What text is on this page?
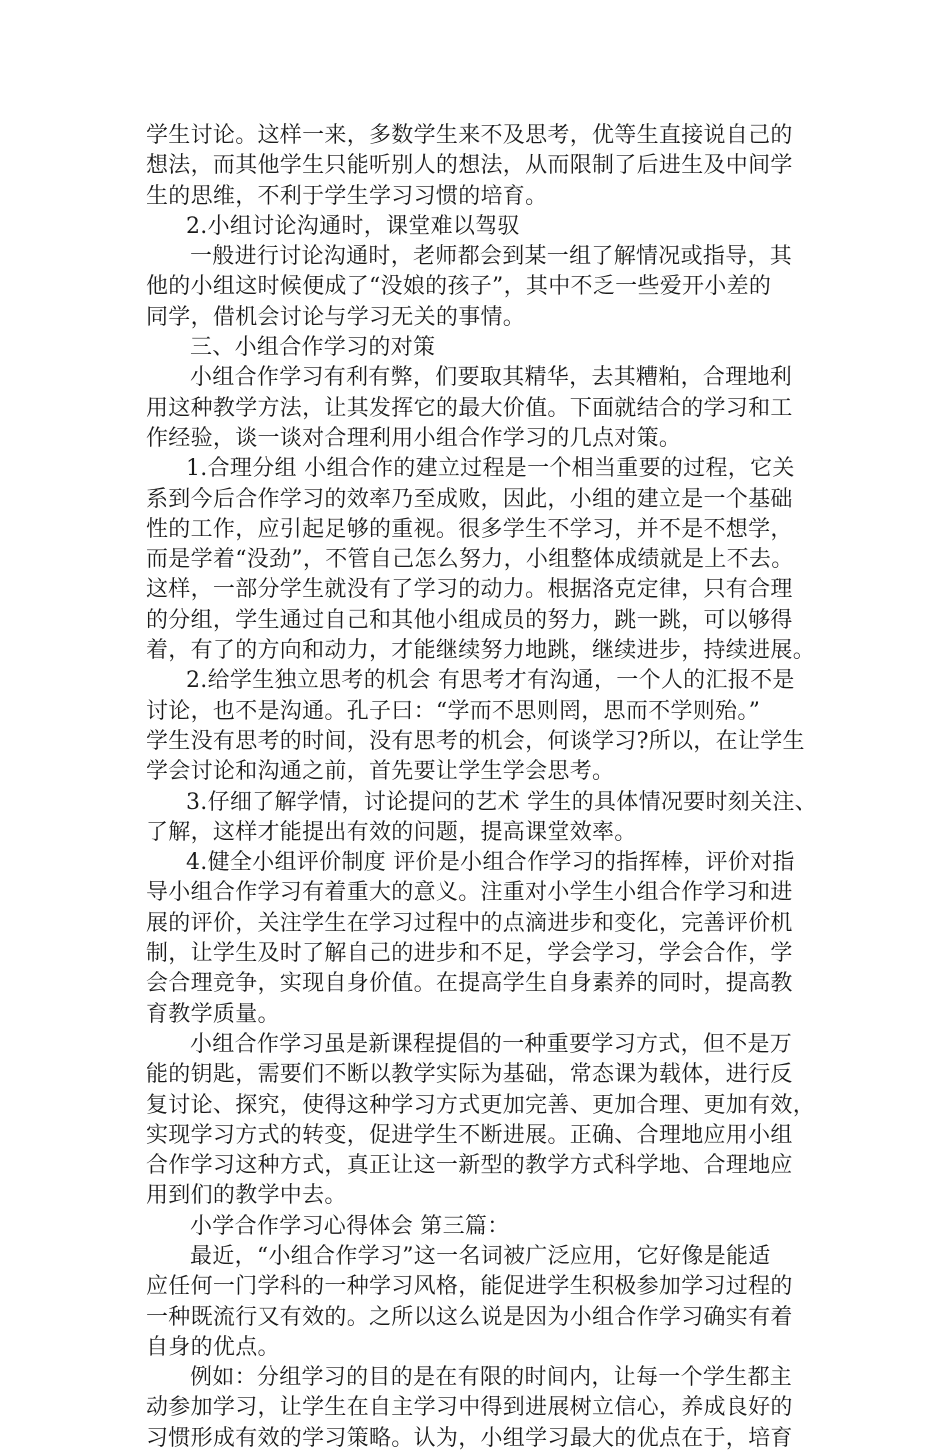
学生讨论。这样一来，多数学生来不及思考，优等生直接说自己的
想法，而其他学生只能听别人的想法，从而限制了后进生及中间学
生的思维，不利于学生学习习惯的培育。
2.小组讨论沟通时，课堂难以驾驭
一般进行讨论沟通时，老师都会到某一组了解情况或指导，其
他的小组这时候便成了“没娘的孩子”，其中不乏一些爱开小差的
同学，借机会讨论与学习无关的事情。
三、小组合作学习的对策
小组合作学习有利有弊，们要取其精华，去其糟粕，合理地利
用这种教学方法，让其发挥它的最大价值。下面就结合的学习和工
作经验，谈一谈对合理利用小组合作学习的几点对策。
1.合理分组 小组合作的建立过程是一个相当重要的过程，它关
系到今后合作学习的效率乃至成败，因此，小组的建立是一个基础
性的工作，应引起足够的重视。很多学生不学习，并不是不想学，
而是学着“没劲”，不管自己怎么努力，小组整体成绩就是上不去。
这样，一部分学生就没有了学习的动力。根据洛克定律，只有合理
的分组，学生通过自己和其他小组成员的努力，跳一跳，可以够得
着，有了的方向和动力，才能继续努力地跳，继续进步，持续进展。
2.给学生独立思考的机会 有思考才有沟通，一个人的汇报不是
讨论，也不是沟通。孔子曰：“学而不思则罔，思而不学则殆。”
学生没有思考的时间，没有思考的机会，何谈学习?所以，在让学生
学会讨论和沟通之前，首先要让学生学会思考。
3.仔细了解学情，讨论提问的艺术 学生的具体情况要时刻关注、
了解，这样才能提出有效的问题，提高课堂效率。
4.健全小组评价制度 评价是小组合作学习的指挥棒，评价对指
导小组合作学习有着重大的意义。注重对小学生小组合作学习和进
展的评价，关注学生在学习过程中的点滴进步和变化，完善评价机
制，让学生及时了解自己的进步和不足，学会学习，学会合作，学
会合理竞争，实现自身价值。在提高学生自身素养的同时，提高教
育教学质量。
小组合作学习虽是新课程提倡的一种重要学习方式，但不是万
能的钥匙，需要们不断以教学实际为基础，常态课为载体，进行反
复讨论、探究，使得这种学习方式更加完善、更加合理、更加有效，
实现学习方式的转变，促进学生不断进展。正确、合理地应用小组
合作学习这种方式，真正让这一新型的教学方式科学地、合理地应
用到们的教学中去。
小学合作学习心得体会 第三篇：
最近，“小组合作学习”这一名词被广泛应用，它好像是能适
应任何一门学科的一种学习风格，能促进学生积极参加学习过程的
一种既流行又有效的。之所以这么说是因为小组合作学习确实有着
自身的优点。
例如：分组学习的目的是在有限的时间内，让每一个学生都主
动参加学习，让学生在自主学习中得到进展树立信心，养成良好的
习惯形成有效的学习策略。认为，小组学习最大的优点在于，培育
